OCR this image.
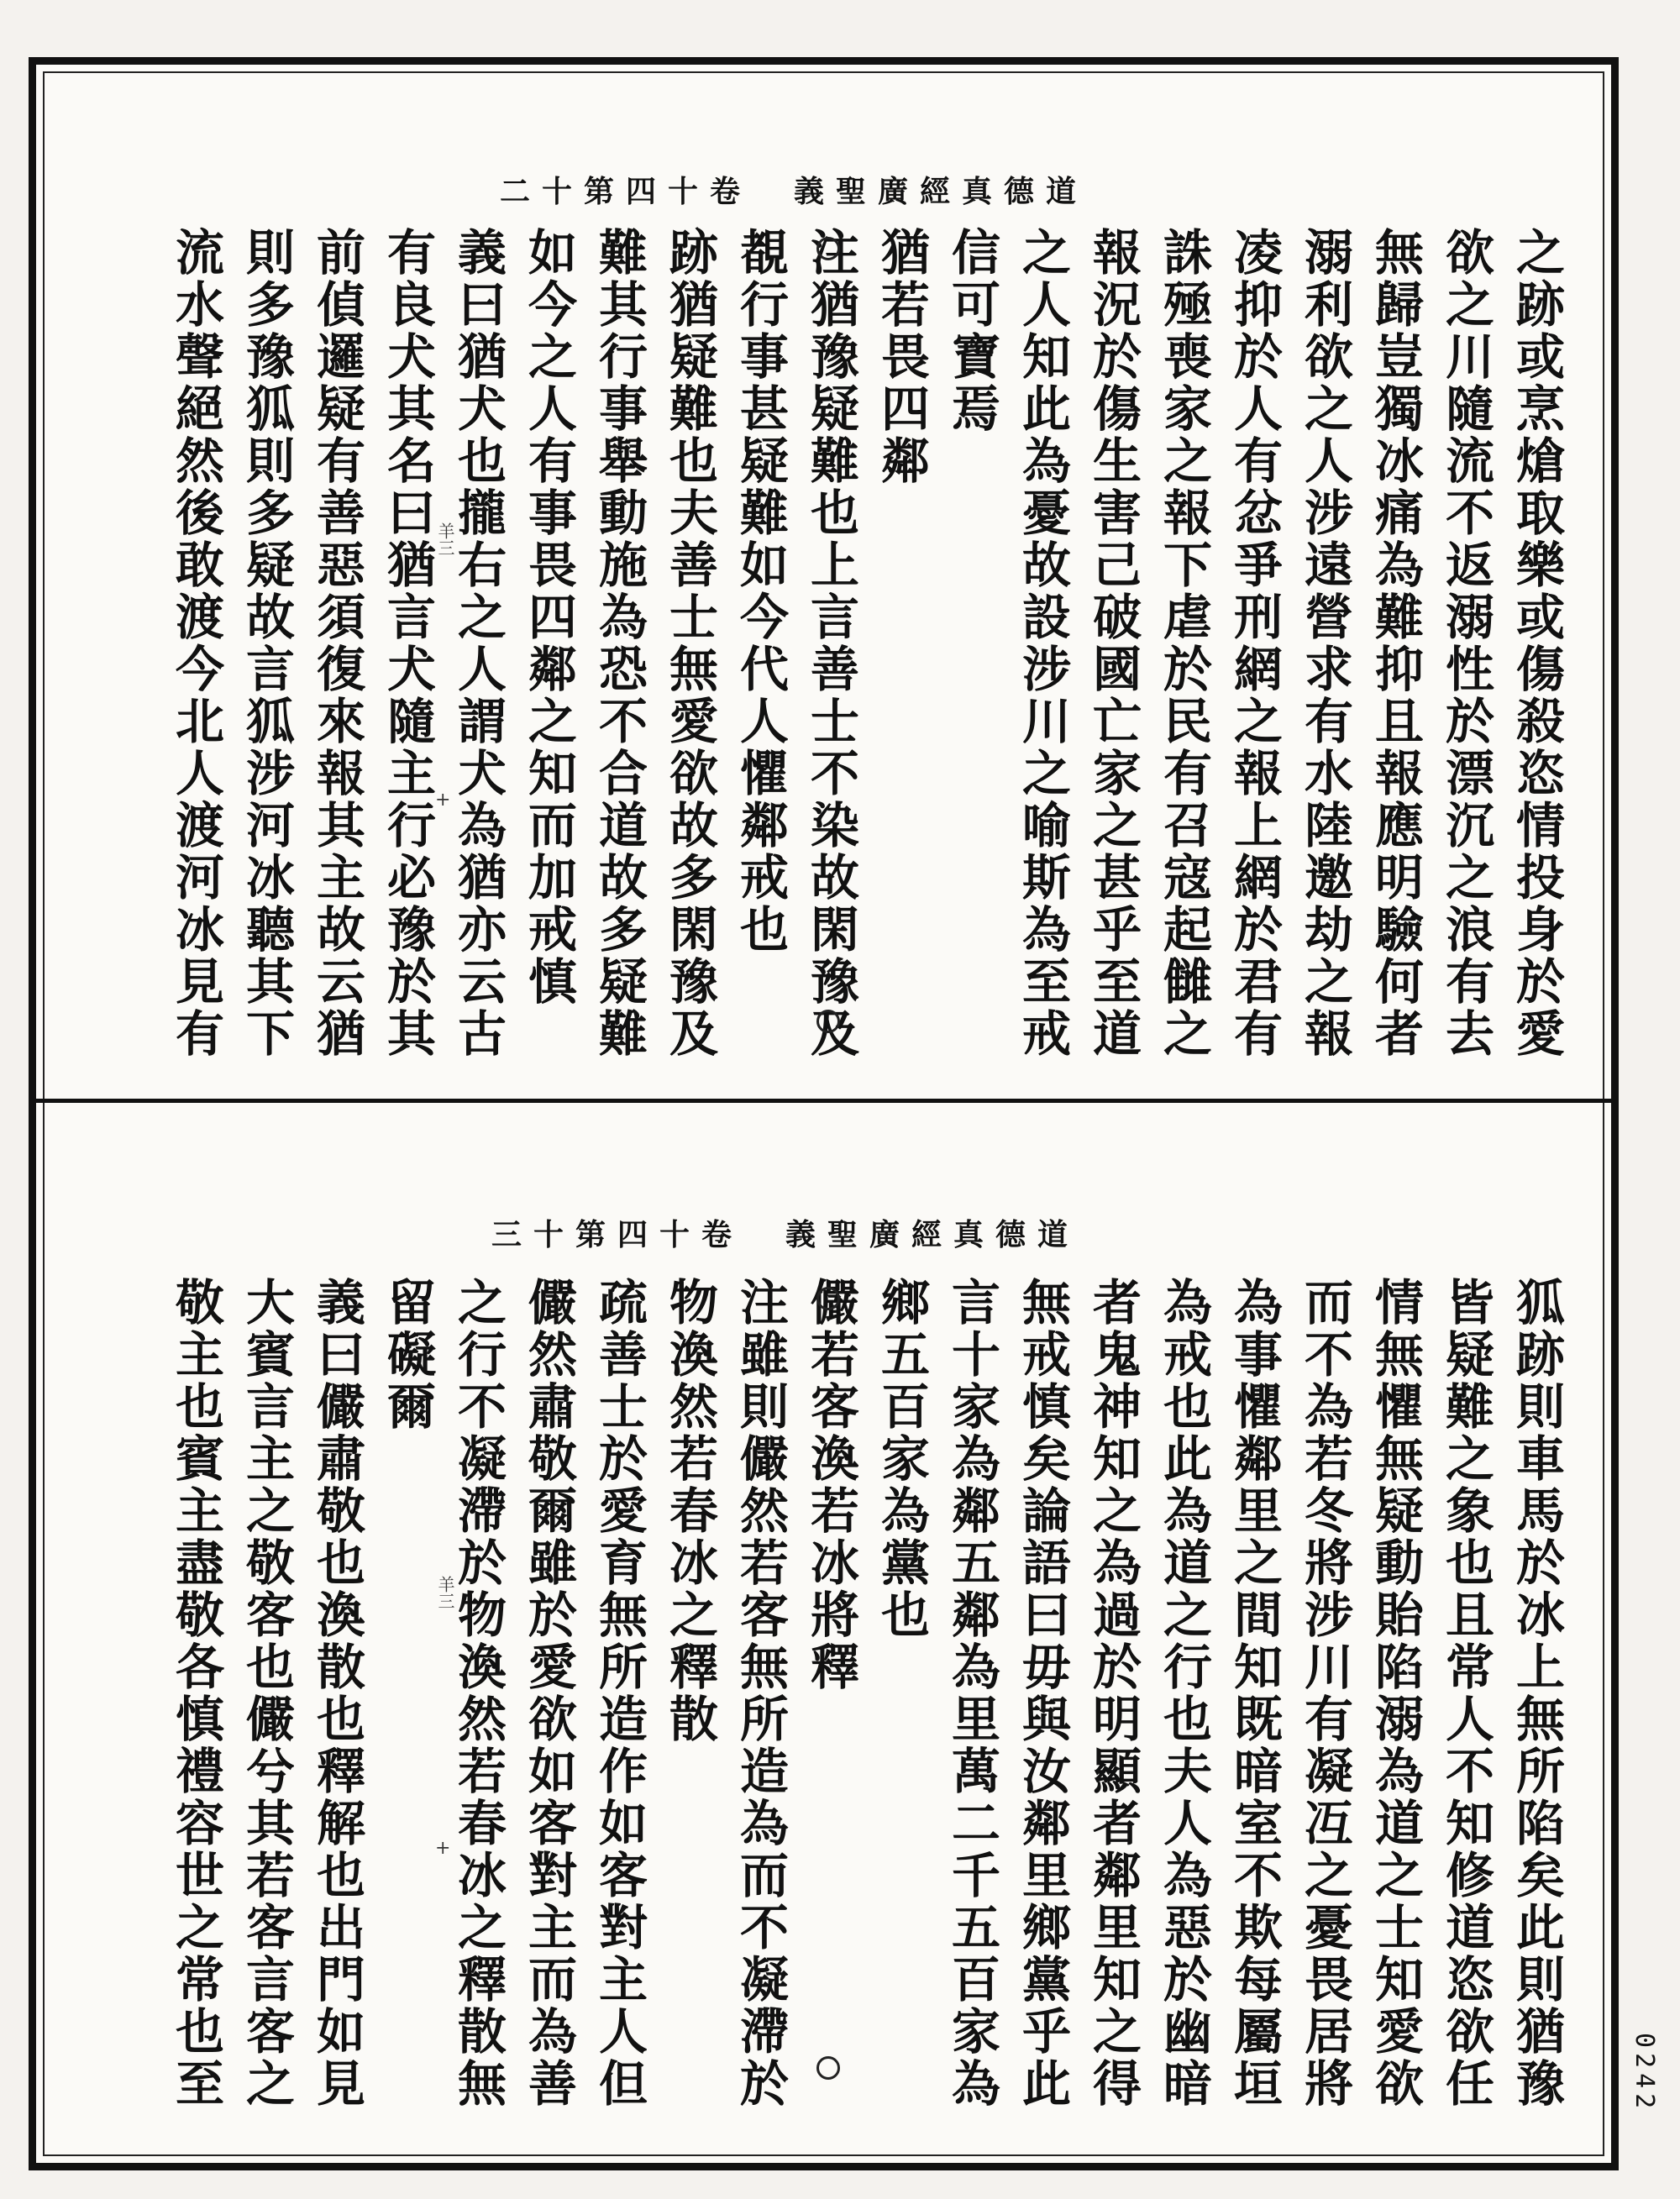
二十第四十卷　義聖廣經真德道
之跡或烹熗取樂或傷殺恣情投身於愛
欲之川隨流不返溺性於漂沉之浪有去
無歸豈獨冰痛為難抑且報應明驗何者
溺利欲之人涉遠營求有水陸邀劫之報
凌抑於人有忿爭刑網之報上網於君有
誅殛喪家之報下虐於民有召寇起雠之
報況於傷生害己破國亡家之甚乎至道
之人知此為憂故設涉川之喻斯為至戒
信可寶焉
猶若畏四鄰
注猶豫疑難也上言善士不染故閑豫及
覩行事甚疑難如今代人懼鄰戒也
跡猶疑難也夫善士無愛欲故多閑豫及
難其行事舉動施為恐不合道故多疑難
如今之人有事畏四鄰之知而加戒慎
義曰猶犬也攏右之人謂犬為猶亦云古
有良犬其名曰猶言犬隨主行必豫於其
前偵邏疑有善惡須復來報其主故云猶
則多豫狐則多疑故言狐涉河冰聽其下
流水聲絕然後敢渡今北人渡河冰見有	羊三
+
三十第四十卷　義聖廣經真德道
狐跡則車馬於冰上無所陷矣此則猶豫
皆疑難之象也且常人不知修道恣欲任
情無懼無疑動貽陷溺為道之士知愛欲
而不為若冬將涉川有凝冱之憂畏居將
為事懼鄰里之間知既暗室不欺每屬垣
為戒也此為道之行也夫人為惡於幽暗
者鬼神知之為過於明顯者鄰里知之得
無戒慎矣論語曰毋與汝鄰里鄉黨乎此
言十家為鄰五鄰為里萬二千五百家為
鄉五百家為黨也
儼若客渙若冰將釋
注雖則儼然若客無所造為而不凝滯於
物渙然若春冰之釋散
疏善士於愛育無所造作如客對主人但
儼然肅敬爾雖於愛欲如客對主而為善
之行不凝滯於物渙然若春冰之釋散無
留礙爾
義曰儼肅敬也渙散也釋解也出門如見
大賓言主之敬客也儼兮其若客言客之
敬主也賓主盡敬各慎禮容世之常也至	羊三
+
0242
